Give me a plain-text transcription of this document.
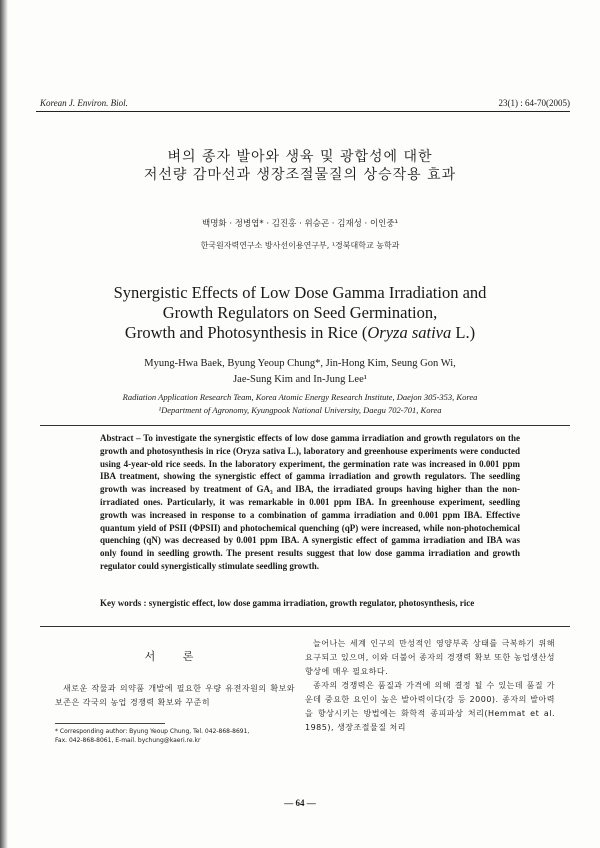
Korean J. Environ. Biol.	23(1) : 64-70(2005)
벼의 종자 발아와 생육 및 광합성에 대한
저선량 감마선과 생장조절물질의 상승작용 효과
백명화 · 정병엽* · 김진홍 · 위승곤 · 김재성 · 이인중¹
한국원자력연구소 방사선이용연구부, ¹경북대학교 농학과
Synergistic Effects of Low Dose Gamma Irradiation and
Growth Regulators on Seed Germination,
Growth and Photosynthesis in Rice (Oryza sativa L.)
Myung-Hwa Baek, Byung Yeoup Chung*, Jin-Hong Kim, Seung Gon Wi,
Jae-Sung Kim and In-Jung Lee¹
Radiation Application Research Team, Korea Atomic Energy Research Institute, Daejon 305-353, Korea
¹Department of Agronomy, Kyungpook National University, Daegu 702-701, Korea
Abstract – To investigate the synergistic effects of low dose gamma irradiation and growth regulators on the growth and photosynthesis in rice (Oryza sativa L.), laboratory and greenhouse experiments were conducted using 4-year-old rice seeds. In the laboratory experiment, the germination rate was increased in 0.001 ppm IBA treatment, showing the synergistic effect of gamma irradiation and growth regulators. The seedling growth was increased by treatment of GA₃ and IBA, the irradiated groups having higher than the non-irradiated ones. Particularly, it was remarkable in 0.001 ppm IBA. In greenhouse experiment, seedling growth was increased in response to a combination of gamma irradiation and 0.001 ppm IBA. Effective quantum yield of PSII (ΦPSII) and photochemical quenching (qP) were increased, while non-photochemical quenching (qN) was decreased by 0.001 ppm IBA. A synergistic effect of gamma irradiation and IBA was only found in seedling growth. The present results suggest that low dose gamma irradiation and growth regulator could synergistically stimulate seedling growth.
Key words : synergistic effect, low dose gamma irradiation, growth regulator, photosynthesis, rice
서 론

새로운 작물과 의약품 개발에 필요한 우량 유전자원의 확보와 보존은 각국의 농업 경쟁력 확보와 꾸준히

늘어나는 세계 인구의 만성적인 영양부족 상태를 극복하기 위해 요구되고 있으며, 이와 더불어 종자의 경쟁력 확보 또한 농업생산성 향상에 매우 필요하다.

종자의 경쟁력은 품질과 가격에 의해 결정 될 수 있는데 품질 가운데 중요한 요인이 높은 발아력이다(강 등 2000). 종자의 발아력을 향상시키는 방법에는 화학적 종피파상 처리(Hemmat et al. 1985), 생장조절물질 처리

* Corresponding author: Byung Yeoup Chung, Tel. 042-868-8691,
Fax. 042-868-8061, E-mail. bychung@kaeri.re.kr
— 64 —
